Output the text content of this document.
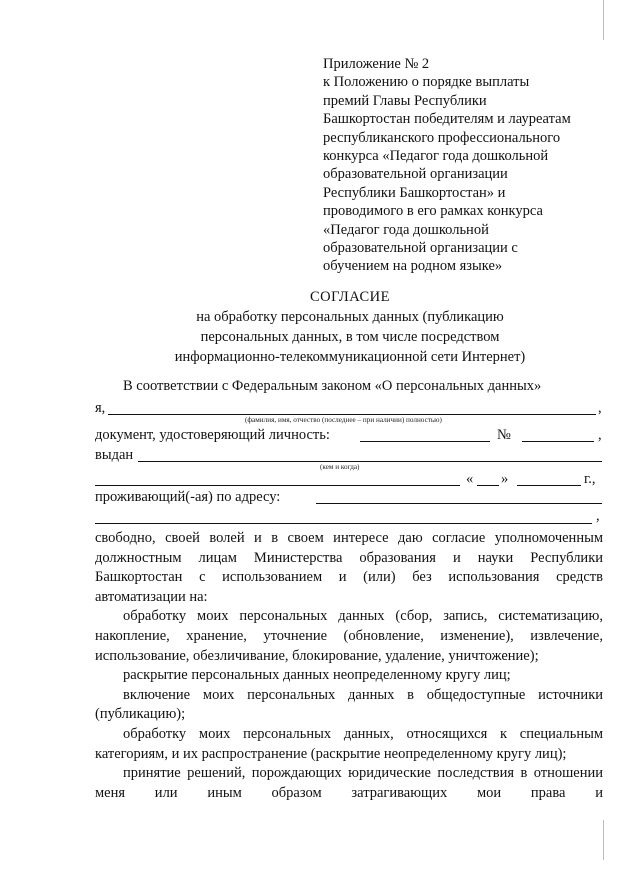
Приложение № 2
к Положению о порядке выплаты
премий Главы Республики
Башкортостан победителям и лауреатам
республиканского профессионального
конкурса «Педагог года дошкольной
образовательной организации
Республики Башкортостан» и
проводимого в его рамках конкурса
«Педагог года дошкольной
образовательной организации с
обучением на родном языке»
СОГЛАСИЕ
на обработку персональных данных (публикацию
персональных данных, в том числе посредством
информационно-телекоммуникационной сети Интернет)
В соответствии с Федеральным законом «О персональных данных»
я,	,
(фамилия, имя, отчество (последнее – при наличии) полностью)
документ, удостоверяющий личность:	№	,
выдан
(кем и когда)
« »	г.,
проживающий(-ая) по адресу:
,

свободно, своей волей и в своем интересе даю согласие уполномоченным должностным лицам Министерства образования и науки Республики Башкортостан с использованием и (или) без использования средств автоматизации на:

обработку моих персональных данных (сбор, запись, систематизацию, накопление, хранение, уточнение (обновление, изменение), извлечение, использование, обезличивание, блокирование, удаление, уничтожение);

раскрытие персональных данных неопределенному кругу лиц;

включение моих персональных данных в общедоступные источники (публикацию);

обработку моих персональных данных, относящихся к специальным категориям, и их распространение (раскрытие неопределенному кругу лиц);

принятие решений, порождающих юридические последствия в отношении меня или иным образом затрагивающих мои права и
